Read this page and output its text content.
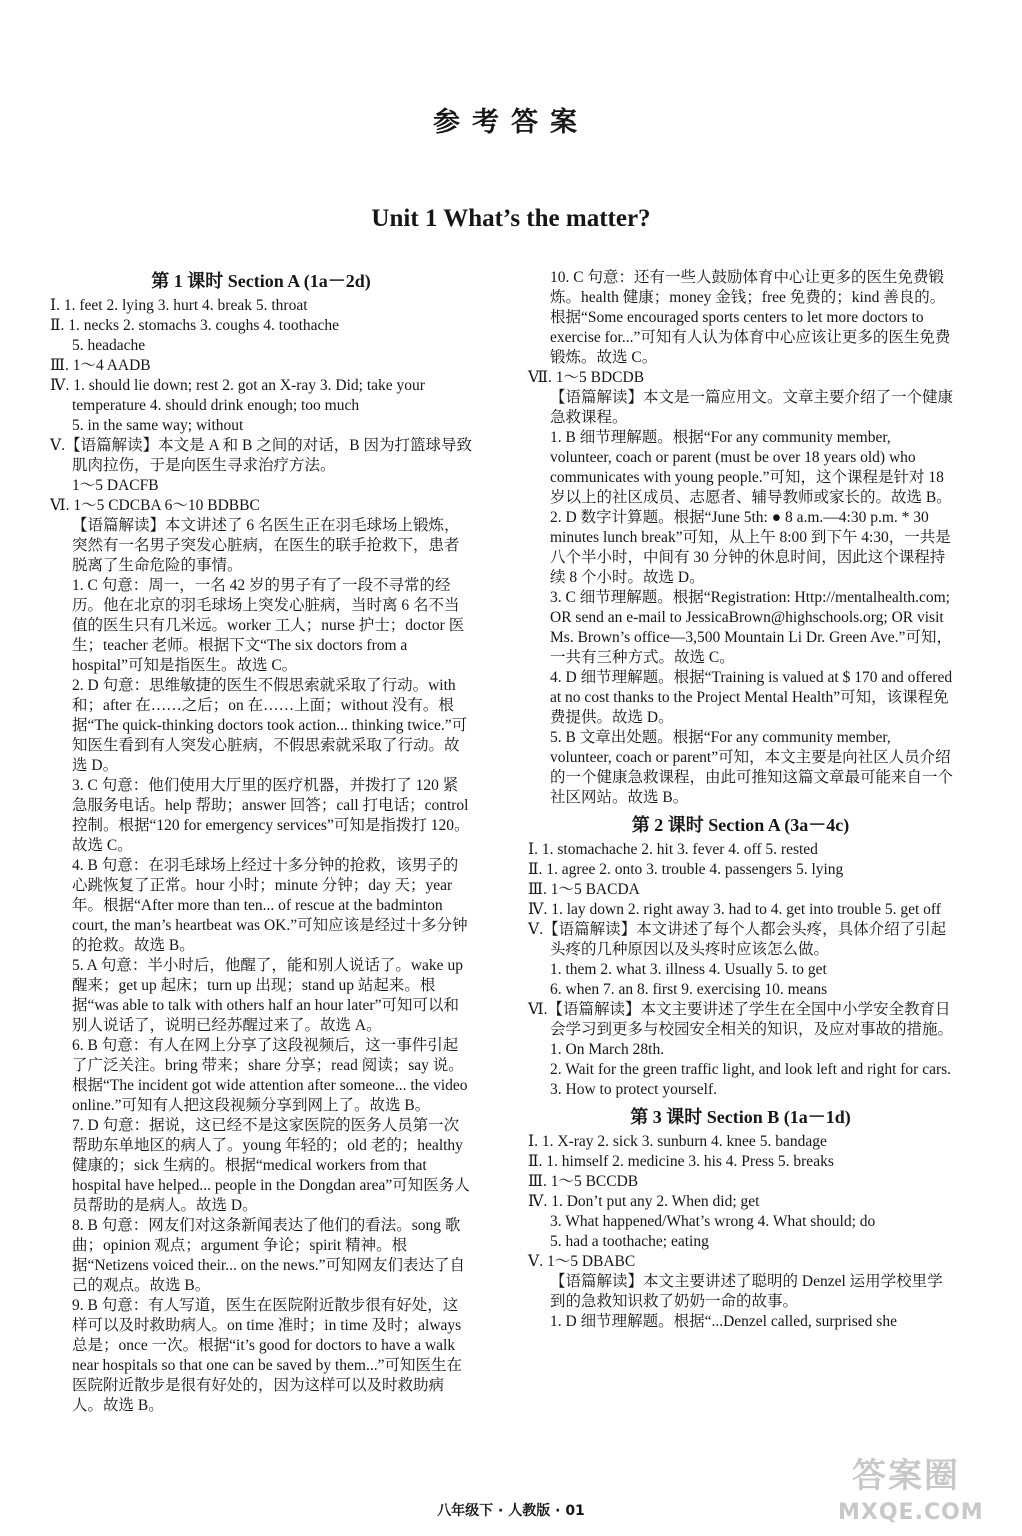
参考答案
Unit 1 What’s the matter?
第 1 课时 Section A (1a－2d)
Ⅰ. 1. feet 2. lying 3. hurt 4. break 5. throat
Ⅱ. 1. necks 2. stomachs 3. coughs 4. toothache
5. headache
Ⅲ. 1～4 AADB
Ⅳ. 1. should lie down; rest 2. got an X-ray 3. Did; take your temperature 4. should drink enough; too much
5. in the same way; without
Ⅴ.【语篇解读】本文是 A 和 B 之间的对话，B 因为打篮球导致肌肉拉伤，于是向医生寻求治疗方法。
1～5 DACFB
Ⅵ. 1～5 CDCBA 6～10 BDBBC
【语篇解读】本文讲述了 6 名医生正在羽毛球场上锻炼，突然有一名男子突发心脏病，在医生的联手抢救下，患者脱离了生命危险的事情。
1. C 句意：周一，一名 42 岁的男子有了一段不寻常的经历。他在北京的羽毛球场上突发心脏病，当时离 6 名不当值的医生只有几米远。worker 工人；nurse 护士；doctor 医生；teacher 老师。根据下文“The six doctors from a hospital”可知是指医生。故选 C。
2. D 句意：思维敏捷的医生不假思索就采取了行动。with 和；after 在……之后；on 在……上面；without 没有。根据“The quick-thinking doctors took action... thinking twice.”可知医生看到有人突发心脏病，不假思索就采取了行动。故选 D。
3. C 句意：他们使用大厅里的医疗机器，并拨打了 120 紧急服务电话。help 帮助；answer 回答；call 打电话；control 控制。根据“120 for emergency services”可知是指拨打 120。故选 C。
4. B 句意：在羽毛球场上经过十多分钟的抢救，该男子的心跳恢复了正常。hour 小时；minute 分钟；day 天；year 年。根据“After more than ten... of rescue at the badminton court, the man’s heartbeat was OK.”可知应该是经过十多分钟的抢救。故选 B。
5. A 句意：半小时后，他醒了，能和别人说话了。wake up 醒来；get up 起床；turn up 出现；stand up 站起来。根据“was able to talk with others half an hour later”可知可以和别人说话了，说明已经苏醒过来了。故选 A。
6. B 句意：有人在网上分享了这段视频后，这一事件引起了广泛关注。bring 带来；share 分享；read 阅读；say 说。根据“The incident got wide attention after someone... the video online.”可知有人把这段视频分享到网上了。故选 B。
7. D 句意：据说，这已经不是这家医院的医务人员第一次帮助东单地区的病人了。young 年轻的；old 老的；healthy 健康的；sick 生病的。根据“medical workers from that hospital have helped... people in the Dongdan area”可知医务人员帮助的是病人。故选 D。
8. B 句意：网友们对这条新闻表达了他们的看法。song 歌曲；opinion 观点；argument 争论；spirit 精神。根据“Netizens voiced their... on the news.”可知网友们表达了自己的观点。故选 B。
9. B 句意：有人写道，医生在医院附近散步很有好处，这样可以及时救助病人。on time 准时；in time 及时；always 总是；once 一次。根据“it’s good for doctors to have a walk near hospitals so that one can be saved by them...”可知医生在医院附近散步是很有好处的，因为这样可以及时救助病人。故选 B。
10. C 句意：还有一些人鼓励体育中心让更多的医生免费锻炼。health 健康；money 金钱；free 免费的；kind 善良的。根据“Some encouraged sports centers to let more doctors to exercise for...”可知有人认为体育中心应该让更多的医生免费锻炼。故选 C。
Ⅶ. 1～5 BDCDB
【语篇解读】本文是一篇应用文。文章主要介绍了一个健康急救课程。
1. B 细节理解题。根据“For any community member, volunteer, coach or parent (must be over 18 years old) who communicates with young people.”可知，这个课程是针对 18 岁以上的社区成员、志愿者、辅导教师或家长的。故选 B。
2. D 数字计算题。根据“June 5th: ● 8 a.m.—4:30 p.m. * 30 minutes lunch break”可知，从上午 8:00 到下午 4:30，一共是八个半小时，中间有 30 分钟的休息时间，因此这个课程持续 8 个小时。故选 D。
3. C 细节理解题。根据“Registration: Http://mentalhealth.com; OR send an e-mail to JessicaBrown@highschools.org; OR visit Ms. Brown’s office—3,500 Mountain Li Dr. Green Ave.”可知，一共有三种方式。故选 C。
4. D 细节理解题。根据“Training is valued at $ 170 and offered at no cost thanks to the Project Mental Health”可知，该课程免费提供。故选 D。
5. B 文章出处题。根据“For any community member, volunteer, coach or parent”可知，本文主要是向社区人员介绍的一个健康急救课程，由此可推知这篇文章最可能来自一个社区网站。故选 B。
第 2 课时 Section A (3a－4c)
Ⅰ. 1. stomachache 2. hit 3. fever 4. off 5. rested
Ⅱ. 1. agree 2. onto 3. trouble 4. passengers 5. lying
Ⅲ. 1～5 BACDA
Ⅳ. 1. lay down 2. right away 3. had to 4. get into trouble 5. get off
Ⅴ.【语篇解读】本文讲述了每个人都会头疼，具体介绍了引起头疼的几种原因以及头疼时应该怎么做。
1. them 2. what 3. illness 4. Usually 5. to get
6. when 7. an 8. first 9. exercising 10. means
Ⅵ.【语篇解读】本文主要讲述了学生在全国中小学安全教育日会学习到更多与校园安全相关的知识，及应对事故的措施。
1. On March 28th.
2. Wait for the green traffic light, and look left and right for cars.
3. How to protect yourself.
第 3 课时 Section B (1a－1d)
Ⅰ. 1. X-ray 2. sick 3. sunburn 4. knee 5. bandage
Ⅱ. 1. himself 2. medicine 3. his 4. Press 5. breaks
Ⅲ. 1～5 BCCDB
Ⅳ. 1. Don’t put any 2. When did; get
3. What happened/What’s wrong 4. What should; do
5. had a toothache; eating
Ⅴ. 1～5 DBABC
【语篇解读】本文主要讲述了聪明的 Denzel 运用学校里学到的急救知识救了奶奶一命的故事。
1. D 细节理解题。根据“...Denzel called, surprised she
八年级下 · 人教版 · 01
答案圈
MXQE.COM
